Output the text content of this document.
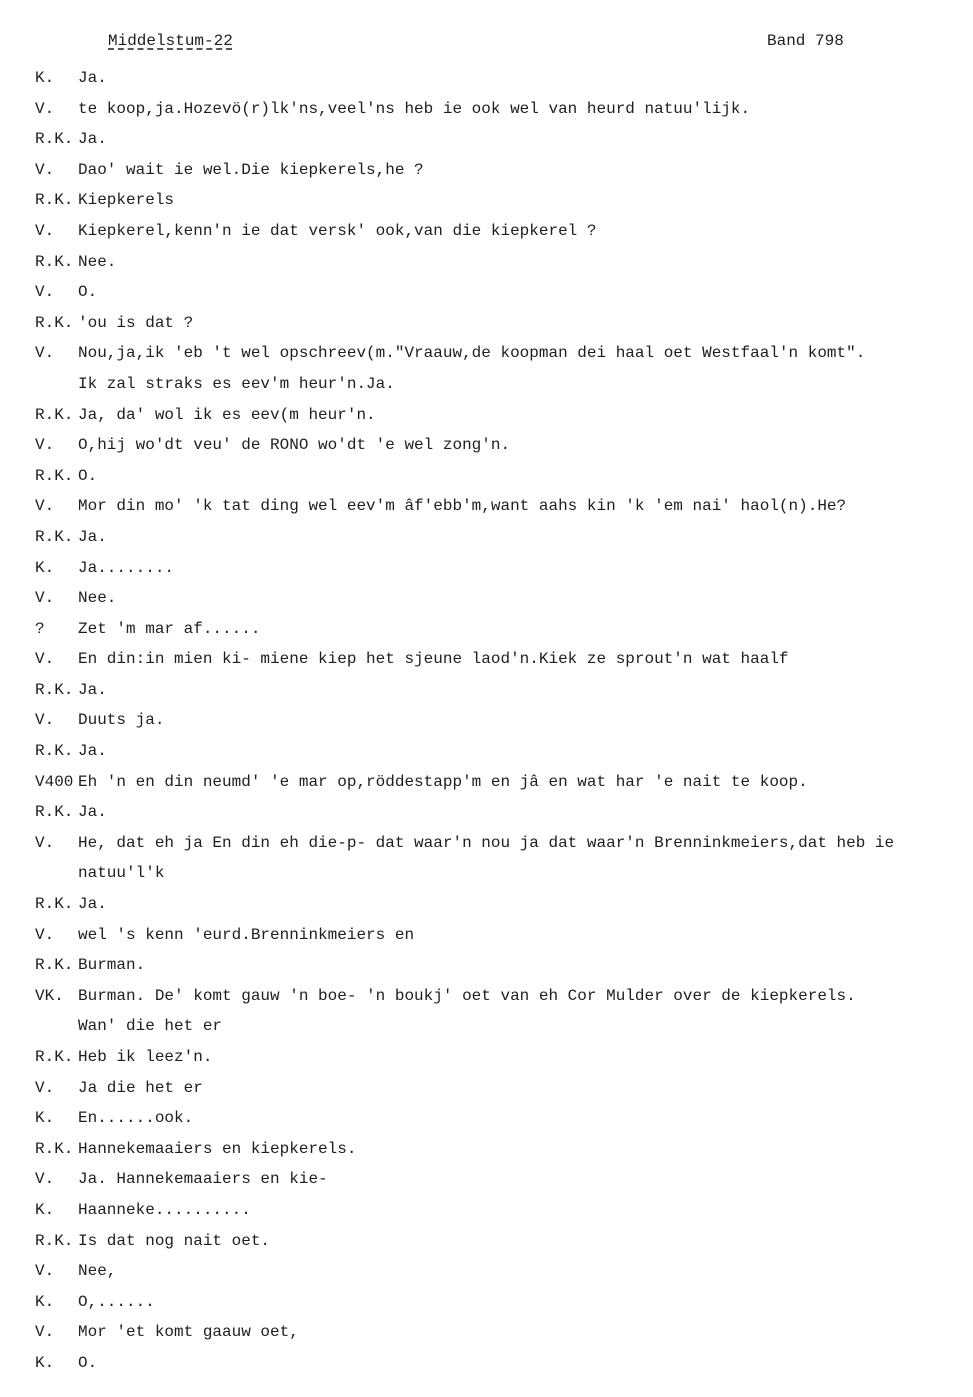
Middelstum-22	Band 798
K.	Ja.
V.	te koop,ja.Hozevö(r)lk'ns,veel'ns heb ie ook wel van heurd natuu'lijk.
R.K. Ja.
V.	Dao' wait ie wel.Die kiepkerels,he ?
R.K. Kiepkerels
V.	Kiepkerel,kenn'n ie dat versk' ook,van die kiepkerel ?
R.K. Nee.
V.	O.
R.K. 'ou is dat ?
V.	Nou,ja,ik 'eb 't wel opschreev(m."Vraauw,de koopman dei haal oet Westfaal'n komt".
Ik zal straks es eev'm heur'n.Ja.
R.K. Ja, da' wol ik es eev(m heur'n.
V.	O,hij wo'dt veu' de RONO wo'dt 'e wel zong'n.
R.K. O.
V.	Mor din mo' 'k tat ding wel eev'm âf'ebb'm,want aahs kin 'k 'em nai' haol(n).He?
R.K. Ja.
K.	Ja........
V.	Nee.
?	Zet 'm mar af......
V.	En din:in mien ki- miene kiep het sjeune laod'n.Kiek ze sprout'n wat haalf
R.K. Ja.
V.	Duuts ja.
R.K. Ja.
V400 Eh 'n en din neumd' 'e mar op,röddestapp'm en jâ en wat har 'e nait te koop.
R.K. Ja.
V.	He, dat eh ja En din eh die-p- dat waar'n nou ja dat waar'n Brenninkmeiers,dat heb ie
natuu'l'k
R.K. Ja.
V.	wel 's kenn 'eurd.Brenninkmeiers en
R.K. Burman.
VK. Burman. De' komt gauw 'n boe- 'n boukj' oet van eh Cor Mulder over de kiepkerels.
Wan' die het er
R.K. Heb ik leez'n.
V.	Ja die het er
K.	En......ook.
R.K. Hannekemaaiers en kiepkerels.
V.	Ja. Hannekemaaiers en kie-
K.	Haanneke..........
R.K. Is dat nog nait oet.
V.	Nee,
K.	O,......
V.	Mor 'et komt gaauw oet,
K.	O.
